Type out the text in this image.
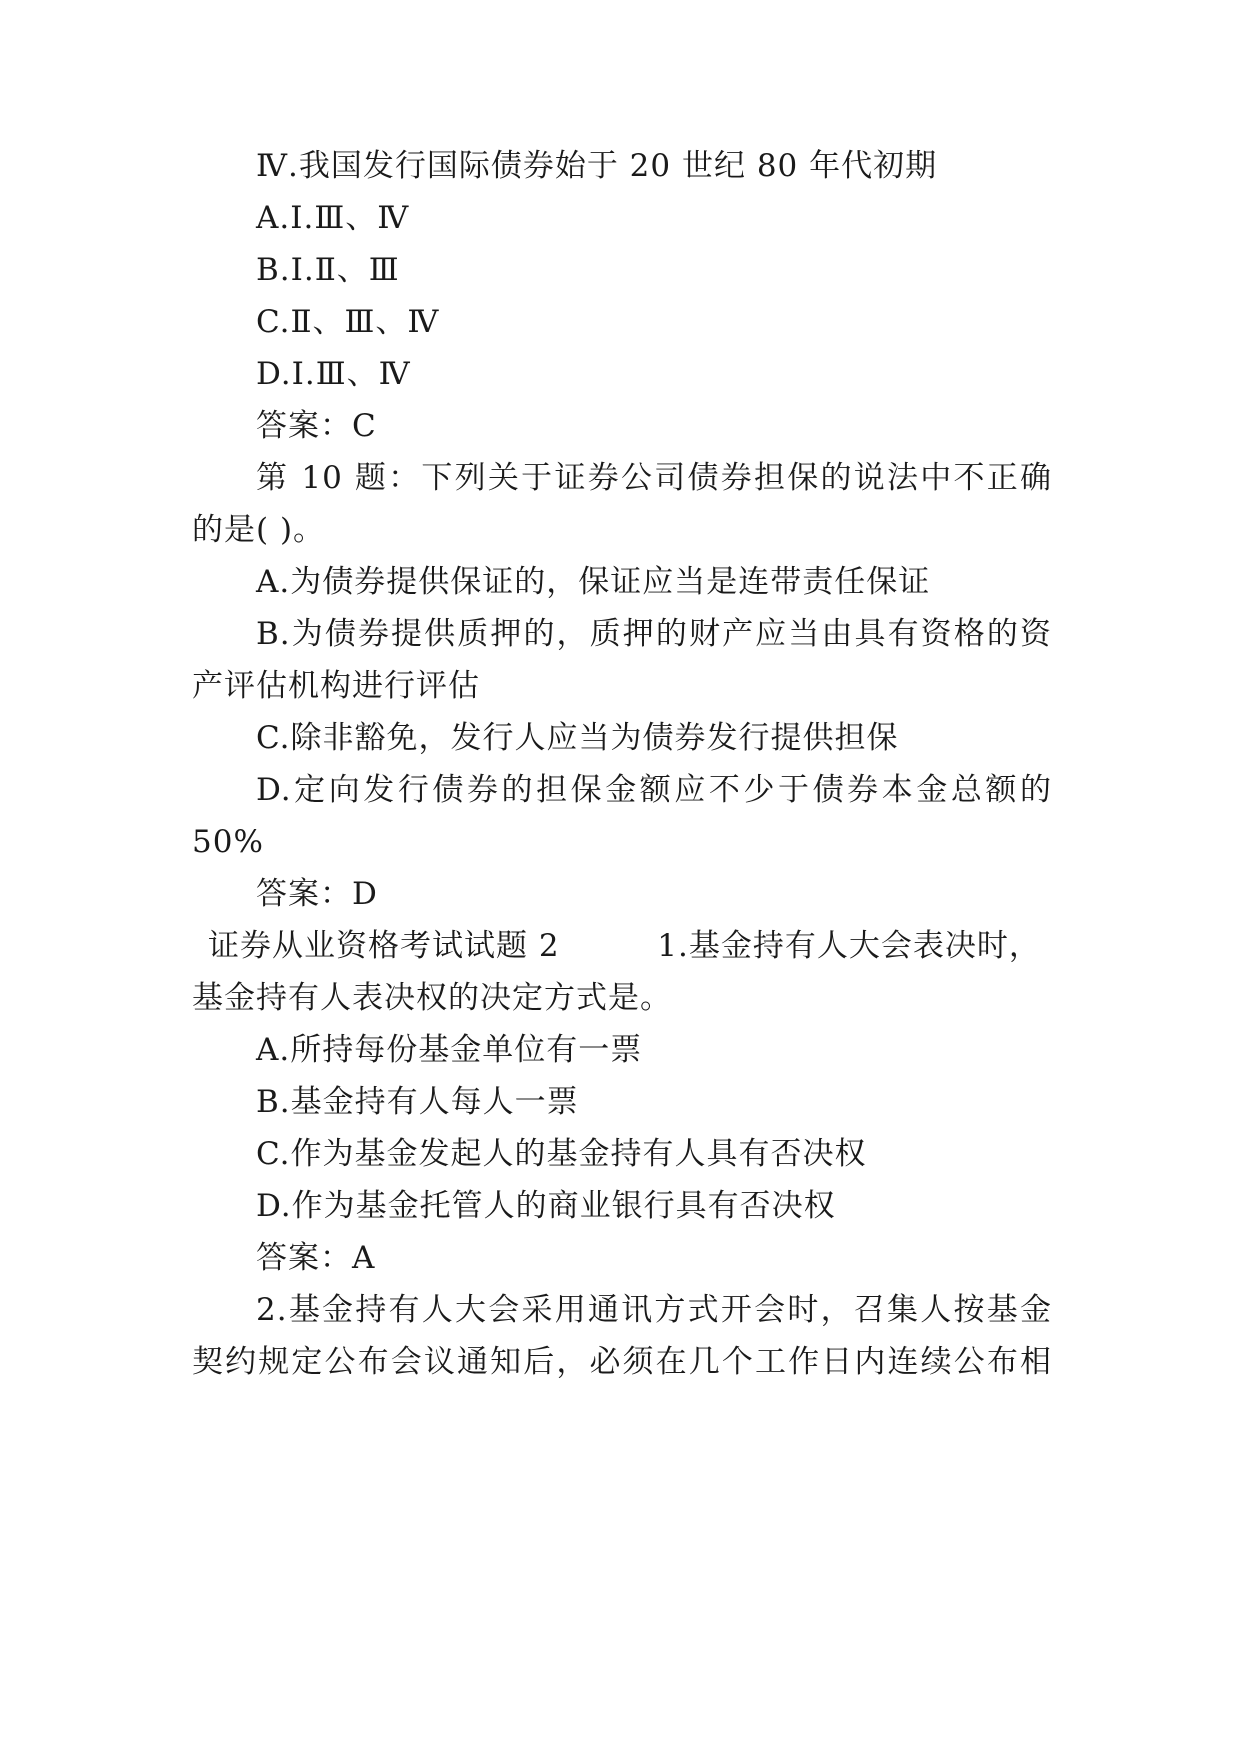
Ⅳ.我国发行国际债券始于 20 世纪 80 年代初期
A.Ⅰ.Ⅲ、Ⅳ
B.Ⅰ.Ⅱ、Ⅲ
C.Ⅱ、Ⅲ、Ⅳ
D.Ⅰ.Ⅲ、Ⅳ
答案：C
第 10 题：下列关于证券公司债券担保的说法中不正确
的是( )。
A.为债券提供保证的，保证应当是连带责任保证
B.为债券提供质押的，质押的财产应当由具有资格的资
产评估机构进行评估
C.除非豁免，发行人应当为债券发行提供担保
D.定向发行债券的担保金额应不少于债券本金总额的
50%
答案：D
证券从业资格考试试题 2         1.基金持有人大会表决时，
基金持有人表决权的决定方式是。
A.所持每份基金单位有一票
B.基金持有人每人一票
C.作为基金发起人的基金持有人具有否决权
D.作为基金托管人的商业银行具有否决权
答案：A
2.基金持有人大会采用通讯方式开会时，召集人按基金
契约规定公布会议通知后，必须在几个工作日内连续公布相
